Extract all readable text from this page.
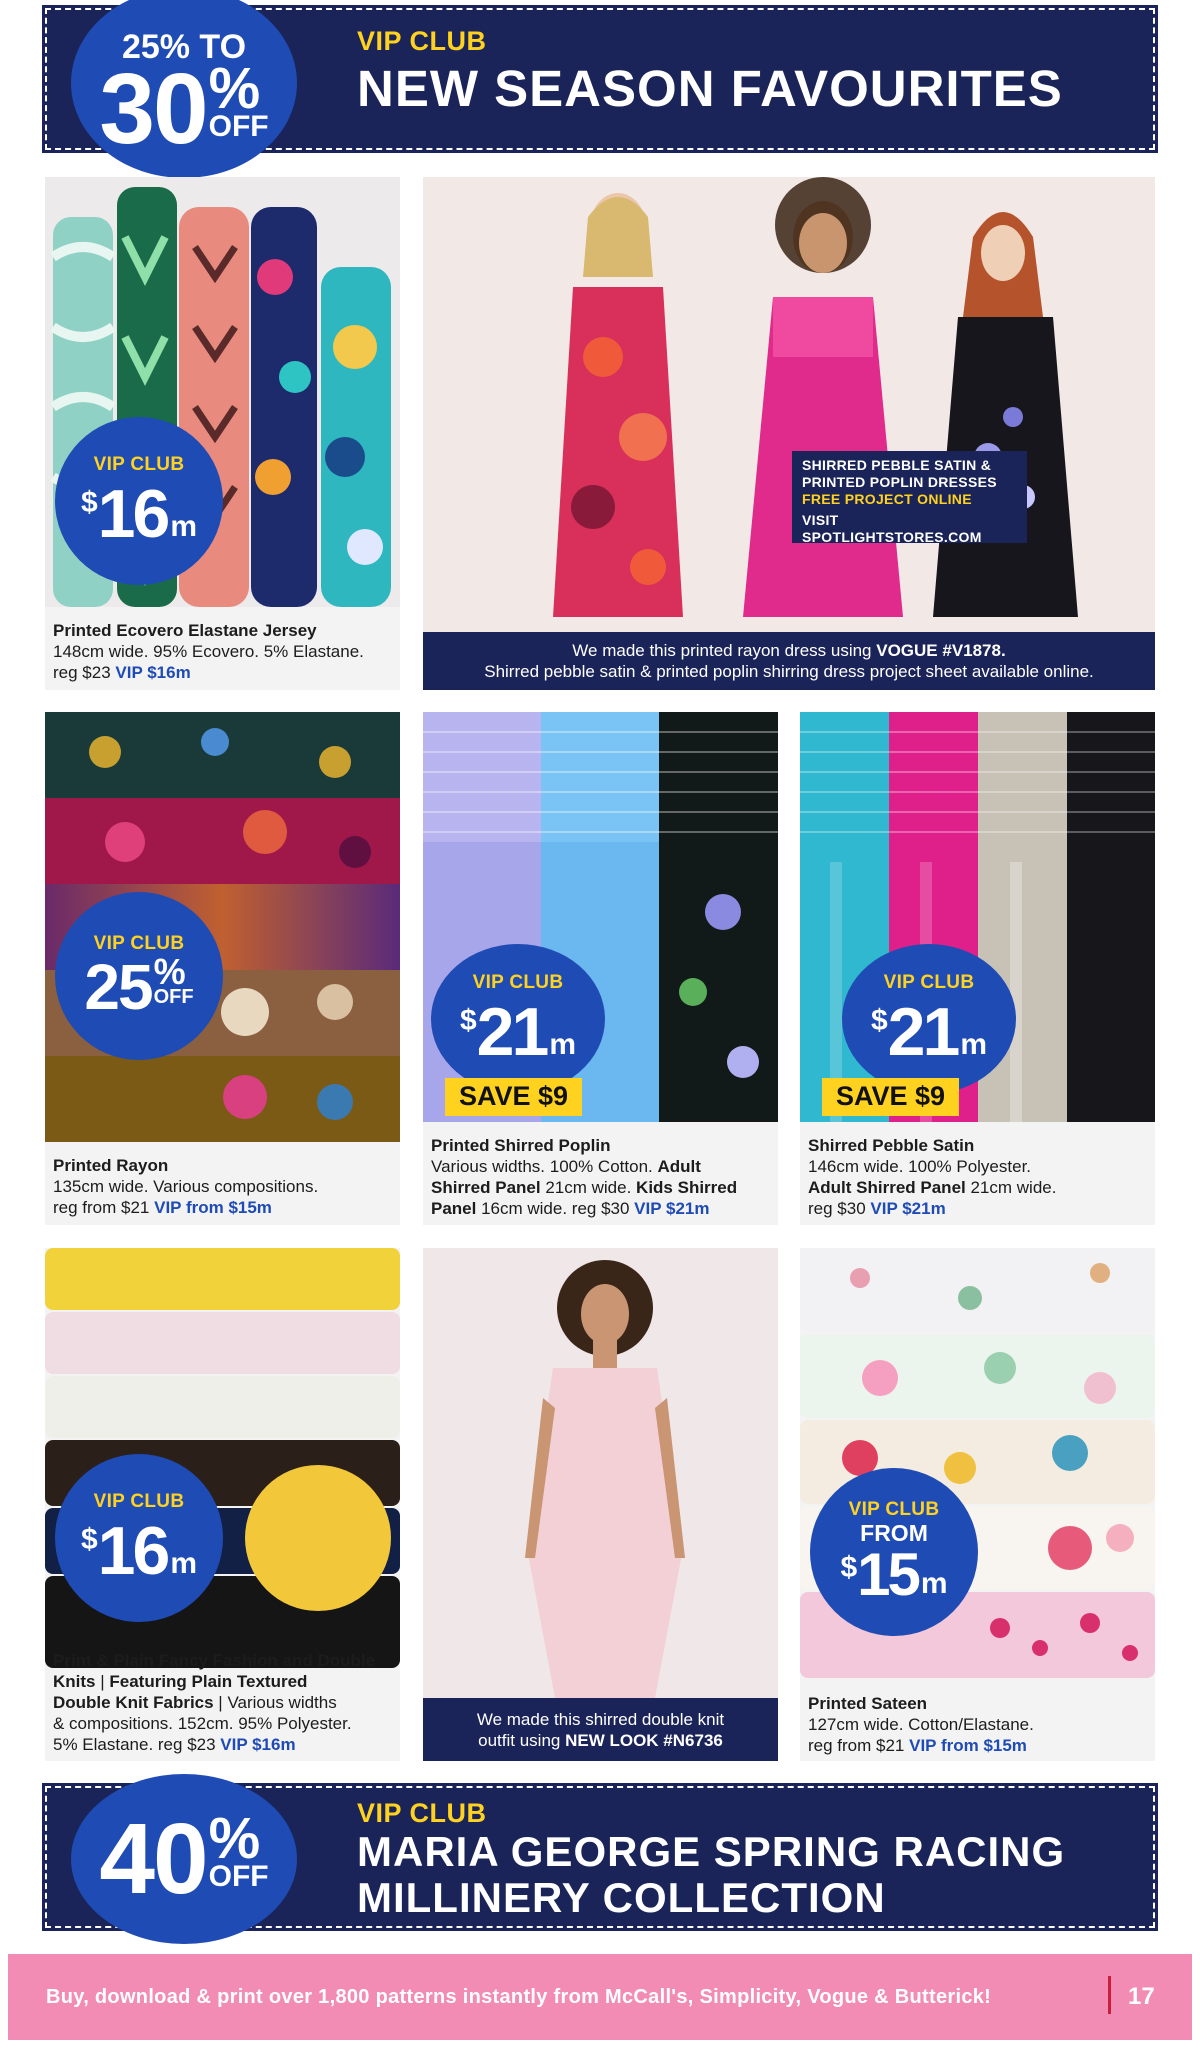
25% TO
30 %
OFF
VIP CLUB
NEW SEASON FAVOURITES
VIP CLUB
$ 16 m
Printed Ecovero Elastane Jersey
148cm wide. 95% Ecovero. 5% Elastane.
reg $23 VIP $16m
SHIRRED PEBBLE SATIN &
PRINTED POPLIN DRESSES
FREE PROJECT ONLINE
VISIT SPOTLIGHTSTORES.COM
We made this printed rayon dress using VOGUE #V1878.
Shirred pebble satin & printed poplin shirring dress project sheet available online.
VIP CLUB
25 %
OFF
Printed Rayon
135cm wide. Various compositions.
reg from $21 VIP from $15m
VIP CLUB
$ 21 m
SAVE $9
Printed Shirred Poplin
Various widths. 100% Cotton. Adult
Shirred Panel 21cm wide. Kids Shirred
Panel 16cm wide. reg $30 VIP $21m
VIP CLUB
$ 21 m
SAVE $9
Shirred Pebble Satin
146cm wide. 100% Polyester.
Adult Shirred Panel 21cm wide.
reg $30 VIP $21m
VIP CLUB
$ 16 m
Print & Plain Fancy Fashion and Double
Knits | Featuring Plain Textured
Double Knit Fabrics | Various widths
& compositions. 152cm. 95% Polyester.
5% Elastane. reg $23 VIP $16m
We made this shirred double knit
outfit using NEW LOOK #N6736
VIP CLUB
FROM
$ 15 m
Printed Sateen
127cm wide. Cotton/Elastane.
reg from $21 VIP from $15m
40 %
OFF
VIP CLUB
MARIA GEORGE SPRING RACING
MILLINERY COLLECTION
Buy, download & print over 1,800 patterns instantly from McCall's, Simplicity, Vogue & Butterick!	17
